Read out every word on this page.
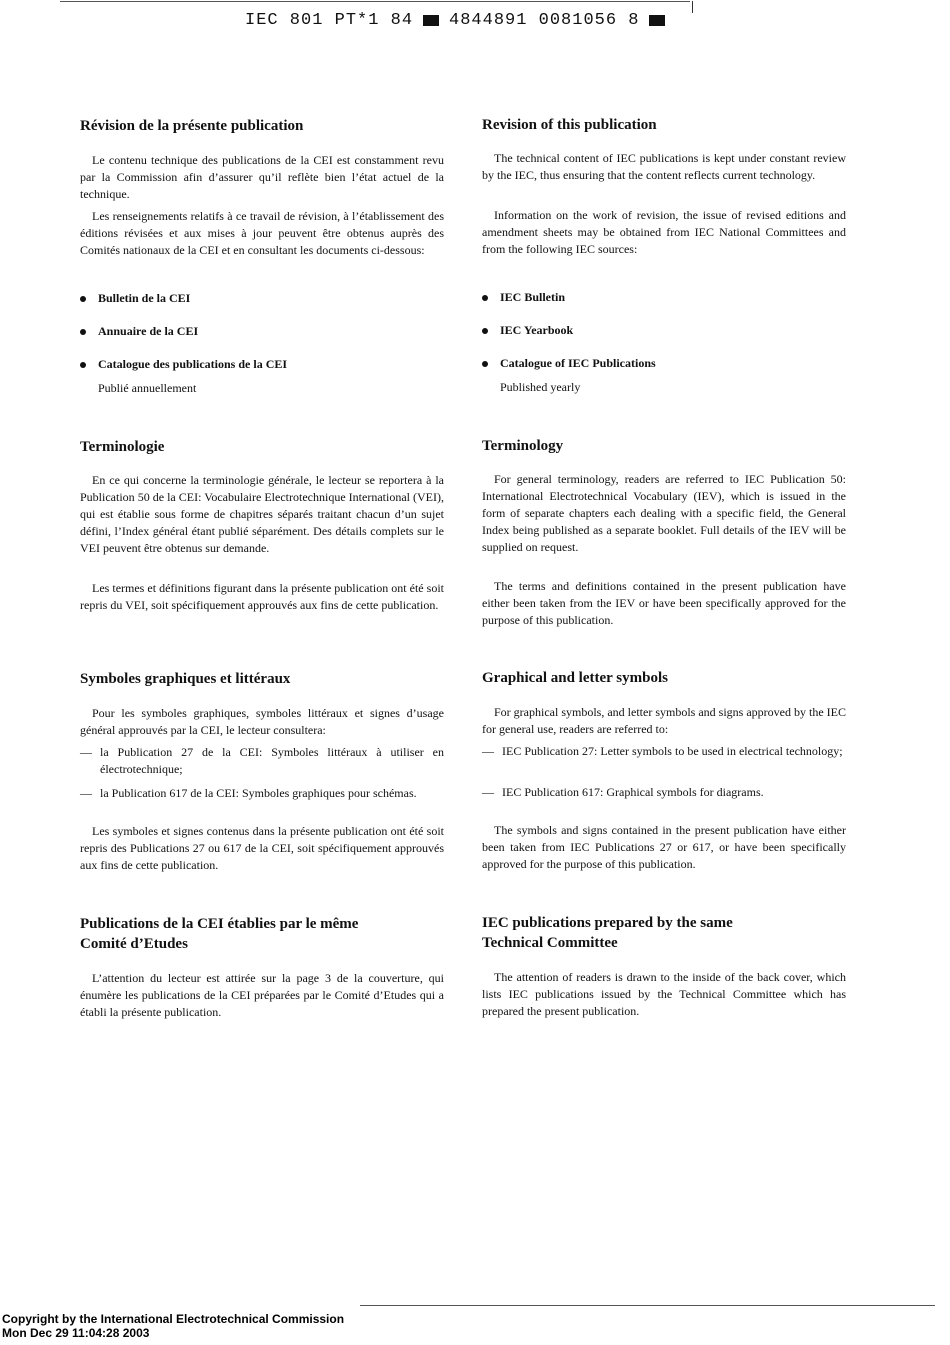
IEC 801 PT*1 84 4844891 0081056 8
Révision de la présente publication

Le contenu technique des publications de la CEI est constamment revu par la Commission afin d’assurer qu’il reflète bien l’état actuel de la technique.

Les renseignements relatifs à ce travail de révision, à l’établissement des éditions révisées et aux mises à jour peuvent être obtenus auprès des Comités nationaux de la CEI et en consultant les documents ci-dessous:

Bulletin de la CEI
Annuaire de la CEI
Catalogue des publications de la CEI
Publié annuellement
Terminologie

En ce qui concerne la terminologie générale, le lecteur se reportera à la Publication 50 de la CEI: Vocabulaire Electrotechnique International (VEI), qui est établie sous forme de chapitres séparés traitant chacun d’un sujet défini, l’Index général étant publié séparément. Des détails complets sur le VEI peuvent être obtenus sur demande.

Les termes et définitions figurant dans la présente publication ont été soit repris du VEI, soit spécifiquement approuvés aux fins de cette publication.

Symboles graphiques et littéraux

Pour les symboles graphiques, symboles littéraux et signes d’usage général approuvés par la CEI, le lecteur consultera:

— la Publication 27 de la CEI: Symboles littéraux à utiliser en électrotechnique;
— la Publication 617 de la CEI: Symboles graphiques pour schémas.

Les symboles et signes contenus dans la présente publication ont été soit repris des Publications 27 ou 617 de la CEI, soit spécifiquement approuvés aux fins de cette publication.

Publications de la CEI établies par le même
Comité d’Etudes

L’attention du lecteur est attirée sur la page 3 de la couverture, qui énumère les publications de la CEI préparées par le Comité d’Etudes qui a établi la présente publication.

Revision of this publication

The technical content of IEC publications is kept under constant review by the IEC, thus ensuring that the content reflects current technology.

Information on the work of revision, the issue of revised editions and amendment sheets may be obtained from IEC National Committees and from the following IEC sources:

IEC Bulletin
IEC Yearbook
Catalogue of IEC Publications
Published yearly
Terminology

For general terminology, readers are referred to IEC Publication 50: International Electrotechnical Vocabulary (IEV), which is issued in the form of separate chapters each dealing with a specific field, the General Index being published as a separate booklet. Full details of the IEV will be supplied on request.

The terms and definitions contained in the present publication have either been taken from the IEV or have been specifically approved for the purpose of this publication.

Graphical and letter symbols

For graphical symbols, and letter symbols and signs approved by the IEC for general use, readers are referred to:

— IEC Publication 27: Letter symbols to be used in electrical technology;
— IEC Publication 617: Graphical symbols for diagrams.

The symbols and signs contained in the present publication have either been taken from IEC Publications 27 or 617, or have been specifically approved for the purpose of this publication.

IEC publications prepared by the same
Technical Committee

The attention of readers is drawn to the inside of the back cover, which lists IEC publications issued by the Technical Committee which has prepared the present publication.

Copyright by the International Electrotechnical Commission
Mon Dec 29 11:04:28 2003
